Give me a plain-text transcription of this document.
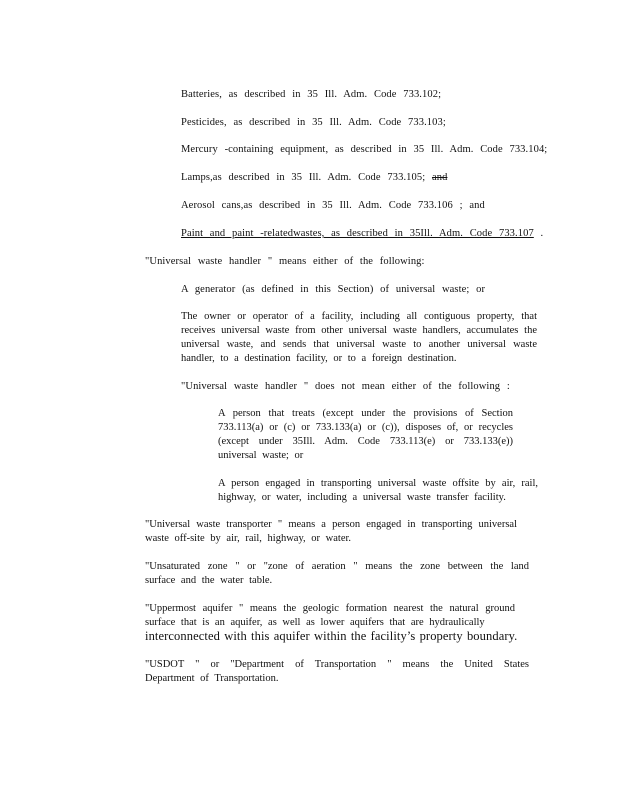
Batteries, as described in 35 Ill. Adm. Code 733.102;
Pesticides, as described in 35 Ill. Adm. Code 733.103;
Mercury -containing equipment, as described in 35 Ill. Adm. Code 733.104;
Lamps,as described in 35 Ill. Adm. Code 733.105; and
Aerosol cans,as described in 35 Ill. Adm. Code 733.106 ; and
Paint and paint -relatedwastes, as described in 35Ill. Adm. Code 733.107 .
"Universal waste handler " means either of the following:
A generator (as defined in this Section) of universal waste; or
The owner or operator of a facility, including all contiguous property, that receives universal waste from other universal waste handlers, accumulates the universal waste, and sends that universal waste to another universal waste handler, to a destination facility, or to a foreign destination.
"Universal waste handler " does not mean either of the following :
A person that treats (except under the provisions of Section 733.113(a) or (c) or 733.133(a) or (c)), disposes of, or recycles (except under 35Ill. Adm. Code 733.113(e) or 733.133(e)) universal waste; or
A person engaged in transporting universal waste offsite by air, rail, highway, or water, including a universal waste transfer facility.
"Universal waste transporter " means a person engaged in transporting universal waste off-site by air, rail, highway, or water.
"Unsaturated zone " or "zone of aeration " means the zone between the land surface and the water table.
"Uppermost aquifer " means the geologic formation nearest the natural ground surface that is an aquifer, as well as lower aquifers that are hydraulically
interconnected with this aquifer within the facility’s property boundary.
"USDOT " or "Department of Transportation " means the United States Department of Transportation.
